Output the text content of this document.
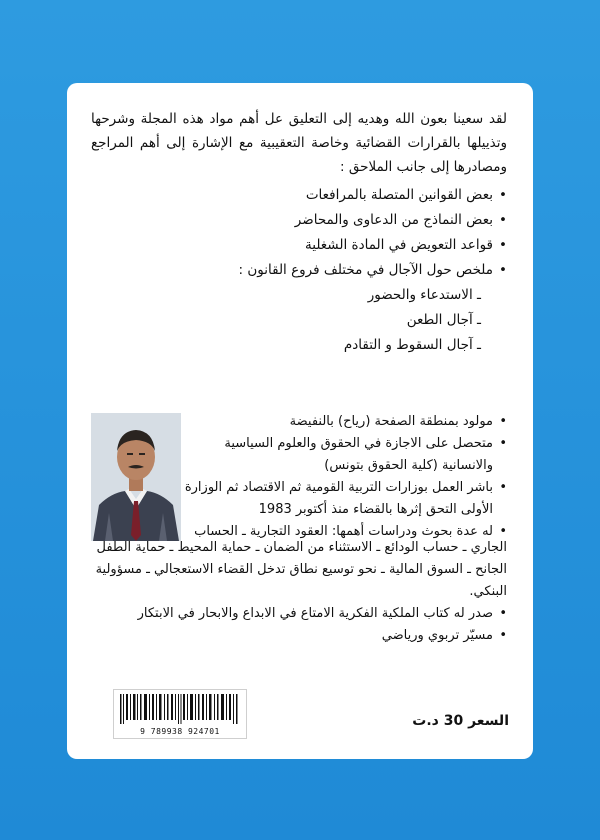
لقد سعينا بعون الله وهديه إلى التعليق عل أهم مواد هذه المجلة وشرحها وتذييلها بالقرارات القضائية وخاصة التعقيبية مع الإشارة إلى أهم المراجع ومصادرها إلى جانب الملاحق :

• بعض القوانين المتصلة بالمرافعات
• بعض النماذج من الدعاوى والمحاضر
• قواعد التعويض في المادة الشغلية
• ملخص حول الآجال في مختلف فروع القانون :

ـ الاستدعاء والحضور

ـ آجال الطعن

ـ آجال السقوط و التقادم

• مولود بمنطقة الصفحة (رياح) بالنفيضة
• متحصل على الاجازة في الحقوق والعلوم السياسية والانسانية (كلية الحقوق بتونس)
• باشر العمل بوزارات التربية القومية ثم الاقتصاد ثم الوزارة الأولى التحق إثرها بالقضاء منذ أكتوبر 1983
• له عدة بحوث ودراسات أهمها: العقود التجارية ـ الحساب

الجاري ـ حساب الودائع ـ الاستثناء من الضمان ـ حماية المحيط ـ حماية الطفل الجانح ـ السوق المالية ـ نحو توسيع نطاق تدخل القضاء الاستعجالي ـ مسؤولية البنكي.

• صدر له كتاب الملكية الفكرية الامتاع في الابداع والابحار في الابتكار
• مسيّر تربوي ورياضي
السعر 30 د.ت
9 789938 924701
